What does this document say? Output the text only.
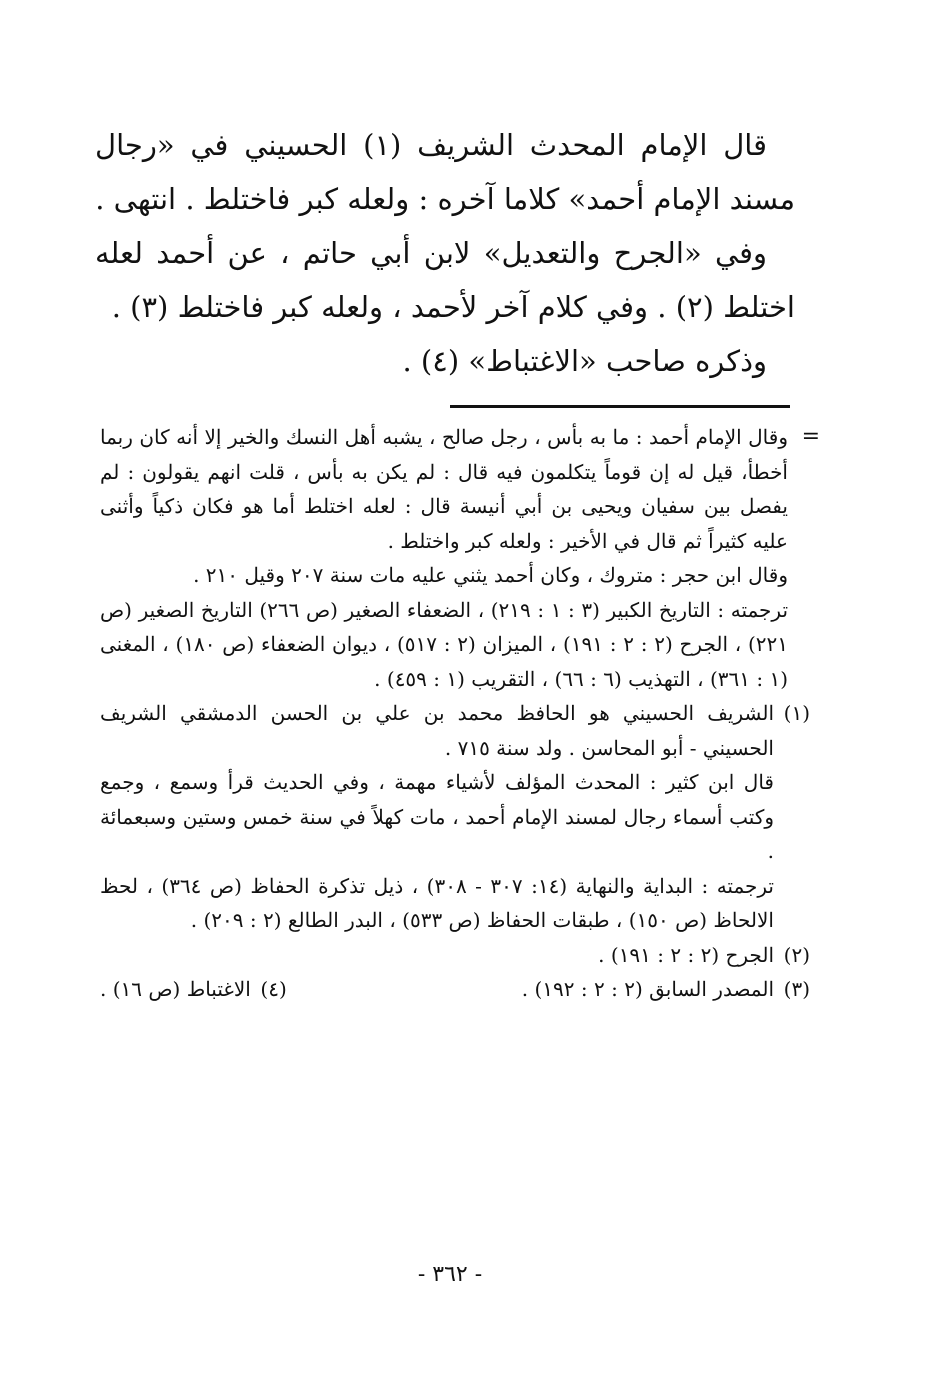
قال الإمام المحدث الشريف (١) الحسيني في «رجال مسند الإمام أحمد» كلاما آخره : ولعله كبر فاختلط . انتهى .

وفي «الجرح والتعديل» لابن أبي حاتم ، عن أحمد لعله اختلط (٢) . وفي كلام آخر لأحمد ، ولعله كبر فاختلط (٣) .

وذكره صاحب «الاغتباط» (٤) .

=
وقال الإمام أحمد : ما به بأس ، رجل صالح ، يشبه أهل النسك والخير إلا أنه كان ربما أخطأ، قيل له إن قوماً يتكلمون فيه قال : لم يكن به بأس ، قلت انهم يقولون : لم يفصل بين سفيان ويحيى بن أبي أنيسة قال : لعله اختلط أما هو فكان ذكياً وأثنى عليه كثيراً ثم قال في الأخير : ولعله كبر واختلط .

وقال ابن حجر : متروك ، وكان أحمد يثني عليه مات سنة ٢٠٧ وقيل ٢١٠ .

ترجمته : التاريخ الكبير (٣ : ١ : ٢١٩) ، الضعفاء الصغير (ص ٢٦٦) التاريخ الصغير (ص ٢٢١) ، الجرح (٢ : ٢ : ١٩١) ، الميزان (٢ : ٥١٧) ، ديوان الضعفاء (ص ١٨٠) ، المغنى (١ : ٣٦١) ، التهذيب (٦ : ٦٦) ، التقريب (١ : ٤٥٩) .

(١)
الشريف الحسيني هو الحافظ محمد بن علي بن الحسن الدمشقي الشريف الحسيني - أبو المحاسن . ولد سنة ٧١٥ .

قال ابن كثير : المحدث المؤلف لأشياء مهمة ، وفي الحديث قرأ وسمع ، وجمع وكتب أسماء رجال لمسند الإمام أحمد ، مات كهلاً في سنة خمس وستين وسبعمائة .

ترجمته : البداية والنهاية (١٤: ٣٠٧ - ٣٠٨) ، ذيل تذكرة الحفاظ (ص ٣٦٤) ، لحظ الالحاظ (ص ١٥٠) ، طبقات الحفاظ (ص ٥٣٣) ، البدر الطالع (٢ : ٢٠٩) .

(٢)
الجرح (٢ : ٢ : ١٩١) .

(٣)
المصدر السابق (٢ : ٢ : ١٩٢) .
(٤)
الاغتباط (ص ١٦) .

- ٣٦٢ -
